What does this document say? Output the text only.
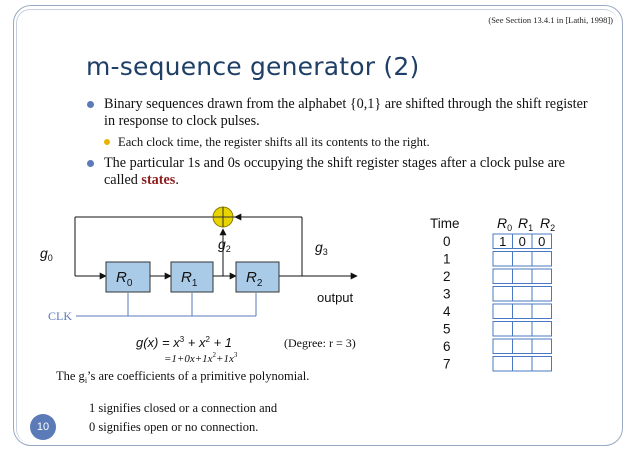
(See Section 13.4.1 in [Lathi, 1998])
m-sequence generator (2)
Binary sequences drawn from the alphabet {0,1} are shifted through the shift register in response to clock pulses.
Each clock time, the register shifts all its contents to the right.
The particular 1s and 0s occupying the shift register stages after a clock pulse are called states.
$R_0$	$R_1$	$R_2$
$g_0$
$g_2$	$g_3$
CLK
output
$g(x) = x^3 + x^2 + 1$	(Degree: r = 3)
$=1+0x+1x^2+1x^3$
The $g_i’s$ are coefficients of a primitive polynomial.
1 signifies closed or a connection and
0 signifies open or no connection.
Time	$R_0$ $R_1$ $R_2$
0	1 0 0
1
2
3
4
5
6
7
10
